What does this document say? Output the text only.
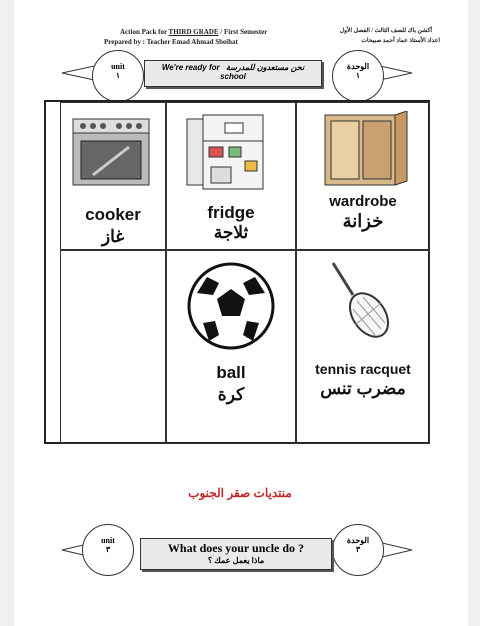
Action Pack for THIRD GRADE / First Semester
Prepared by : Teacher Emad Ahmad Sbeihat
أكشن باك للصف الثالث / الفصل الأول
اعداد الأستاذ عماد أحمد صبيحات
unit
١
الوحدة
١
We're ready for نحن مستعدون للمدرسة
school
cooker
غاز
fridge
ثلاجة
wardrobe
خزانة
ball
كرة
tennis racquet
مضرب تنس
منتديات صقر الجنوب
unit
٣
الوحدة
٣
What does your uncle do ?
ماذا يعمل عمك ؟
